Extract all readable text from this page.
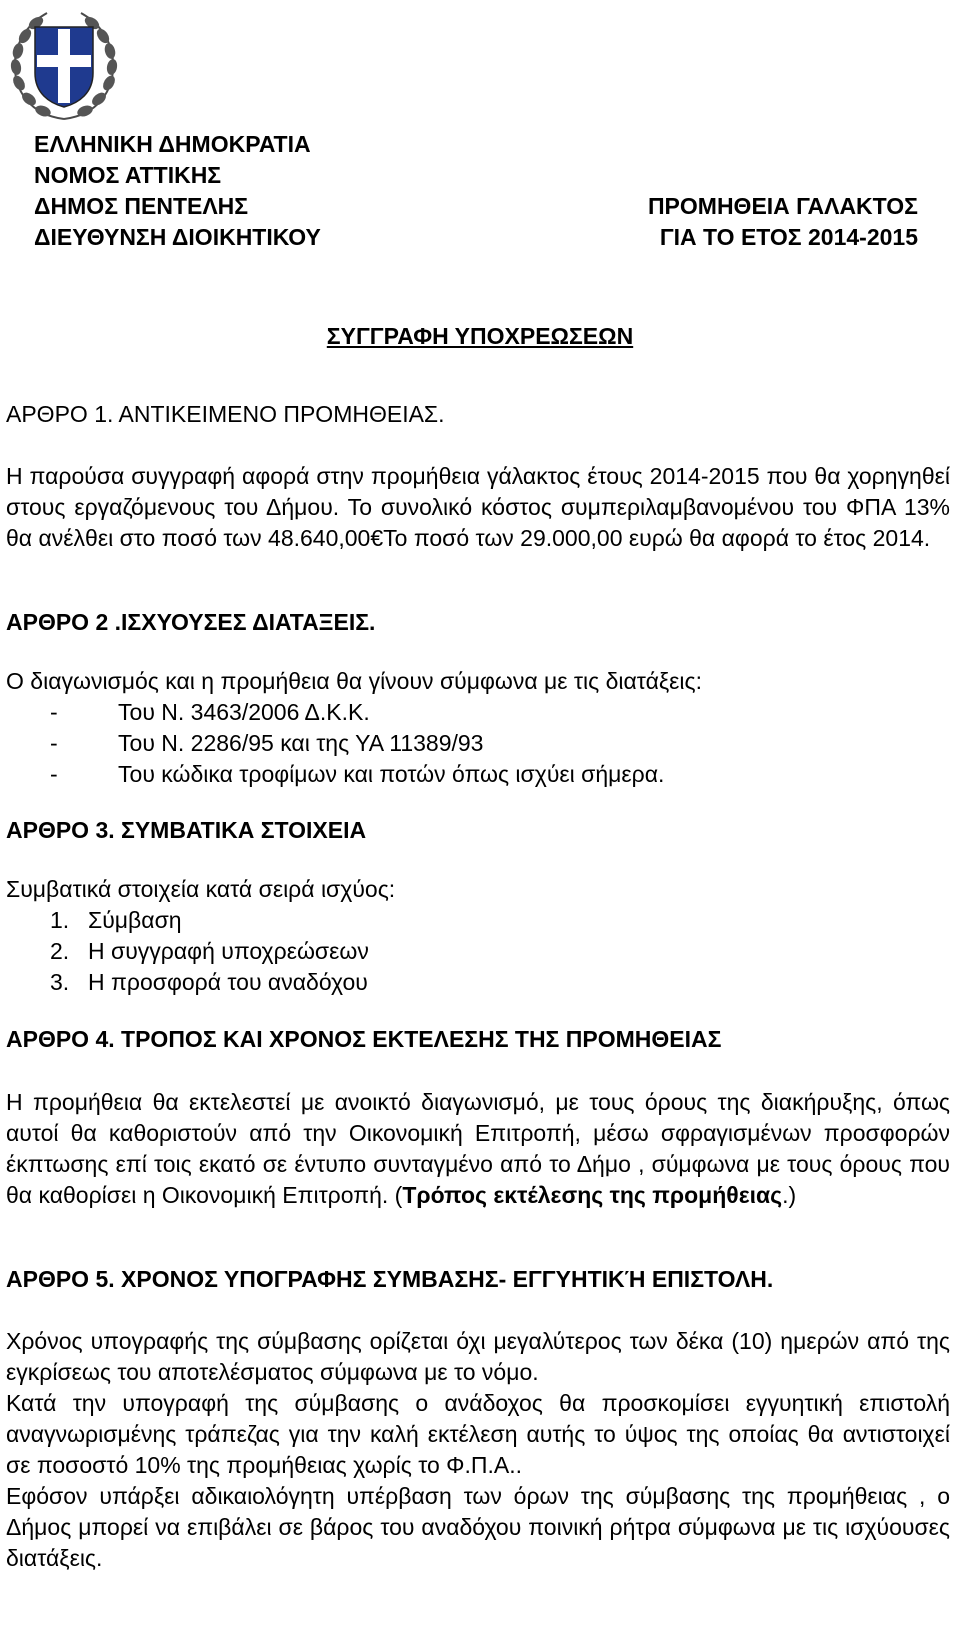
ΕΛΛΗΝΙΚΗ ΔΗΜΟΚΡΑΤΙΑ
ΝΟΜΟΣ ΑΤΤΙΚΗΣ
ΔΗΜΟΣ ΠΕΝΤΕΛΗΣ
ΔΙΕΥΘΥΝΣΗ ΔΙΟΙΚΗΤΙΚΟΥ
ΠΡΟΜΗΘΕΙΑ ΓΑΛΑΚΤΟΣ
ΓΙΑ ΤΟ ΕΤΟΣ 2014-2015
ΣΥΓΓΡΑΦΗ ΥΠΟΧΡΕΩΣΕΩΝ
ΑΡΘΡΟ 1. ΑΝΤΙΚΕΙΜΕΝΟ ΠΡΟΜΗΘΕΙΑΣ.
Η παρούσα συγγραφή αφορά στην προμήθεια γάλακτος έτους 2014-2015 που θα χορηγηθεί στους εργαζόμενους του Δήμου. Το συνολικό κόστος συμπεριλαμβανομένου του ΦΠΑ 13% θα ανέλθει στο ποσό των 48.640,00€Το ποσό των 29.000,00 ευρώ θα αφορά το έτος 2014.
ΑΡΘΡΟ 2 .ΙΣΧΥΟΥΣΕΣ ΔΙΑΤΑΞΕΙΣ.
Ο διαγωνισμός και η προμήθεια θα γίνουν σύμφωνα με τις διατάξεις:
- Του Ν. 3463/2006 Δ.Κ.Κ.
- Του Ν. 2286/95 και της ΥΑ 11389/93
- Του κώδικα τροφίμων και ποτών όπως ισχύει σήμερα.
ΑΡΘΡΟ 3. ΣΥΜΒΑΤΙΚΑ ΣΤΟΙΧΕΙΑ
Συμβατικά στοιχεία κατά σειρά ισχύος:
1. Σύμβαση
2. Η συγγραφή υποχρεώσεων
3. Η προσφορά του αναδόχου
ΑΡΘΡΟ 4. ΤΡΟΠΟΣ ΚΑΙ ΧΡΟΝΟΣ ΕΚΤΕΛΕΣΗΣ ΤΗΣ ΠΡΟΜΗΘΕΙΑΣ
Η προμήθεια θα εκτελεστεί με ανοικτό διαγωνισμό, με τους όρους της διακήρυξης, όπως αυτοί θα καθοριστούν από την Οικονομική Επιτροπή, μέσω σφραγισμένων προσφορών έκπτωσης επί τοις εκατό σε έντυπο συνταγμένο από το Δήμο , σύμφωνα με τους όρους που θα καθορίσει η Οικονομική Επιτροπή. (Τρόπος εκτέλεσης της προμήθειας.)
ΑΡΘΡΟ 5. ΧΡΟΝΟΣ ΥΠΟΓΡΑΦΗΣ ΣΥΜΒΑΣΗΣ- ΕΓΓΥΗΤΙΚΉ ΕΠΙΣΤΟΛΗ.
Χρόνος υπογραφής της σύμβασης ορίζεται όχι μεγαλύτερος των δέκα (10) ημερών από της εγκρίσεως του αποτελέσματος σύμφωνα με το νόμο.
Κατά την υπογραφή της σύμβασης ο ανάδοχος θα προσκομίσει εγγυητική επιστολή αναγνωρισμένης τράπεζας για την καλή εκτέλεση αυτής το ύψος της οποίας θα αντιστοιχεί σε ποσοστό 10% της προμήθειας χωρίς το Φ.Π.Α..
Εφόσον υπάρξει αδικαιολόγητη υπέρβαση των όρων της σύμβασης της προμήθειας , ο Δήμος μπορεί να επιβάλει σε βάρος του αναδόχου ποινική ρήτρα σύμφωνα με τις ισχύουσες διατάξεις.
